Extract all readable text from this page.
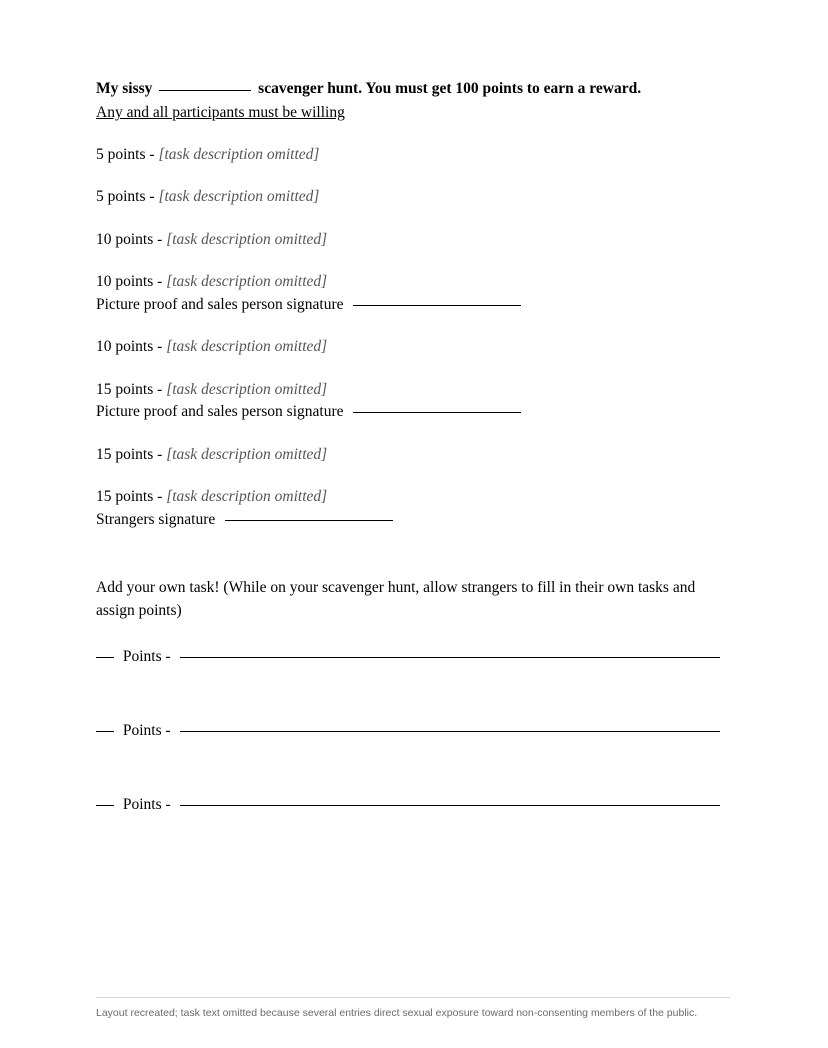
My sissy	scavenger hunt. You must get 100 points to earn a reward.
Any and all participants must be willing
5 points - [task description omitted]
5 points - [task description omitted]
10 points - [task description omitted]
10 points - [task description omitted]
Picture proof and sales person signature
10 points - [task description omitted]
15 points - [task description omitted]
Picture proof and sales person signature
15 points - [task description omitted]
15 points - [task description omitted]
Strangers signature
Add your own task! (While on your scavenger hunt, allow strangers to fill in their own tasks and assign points)
Points -
Points -
Points -
Layout recreated; task text omitted because several entries direct sexual exposure toward non-consenting members of the public.
